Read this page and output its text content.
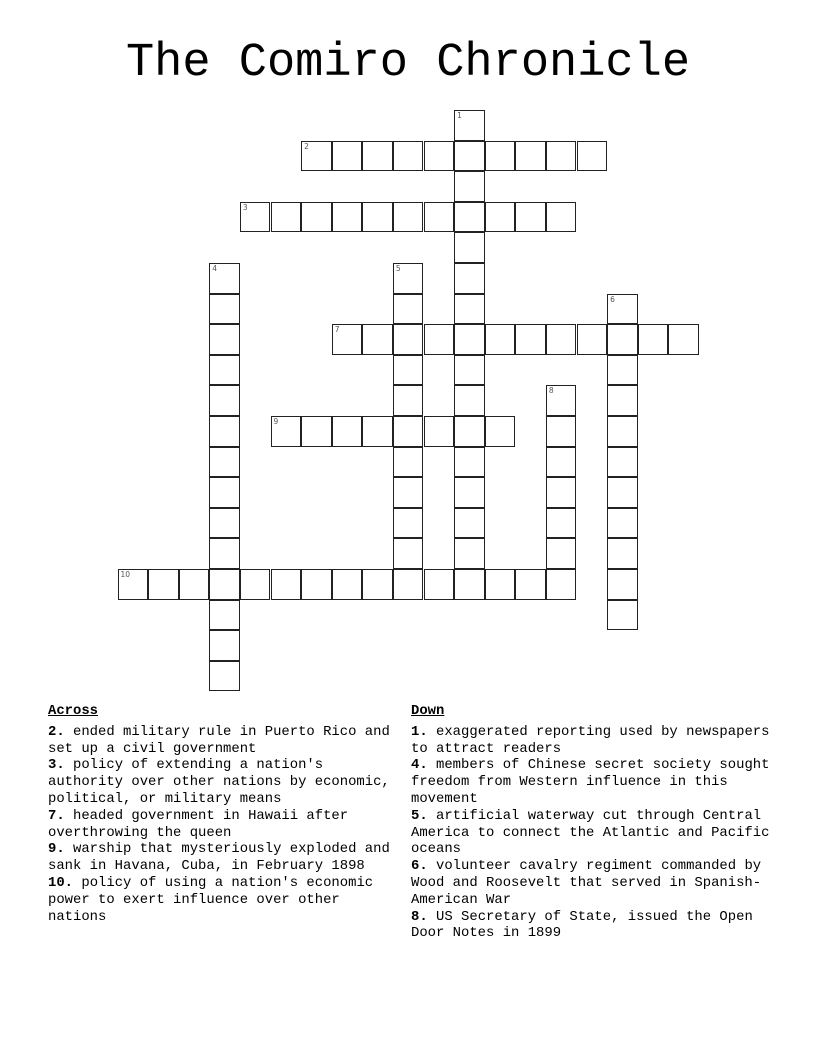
The Comiro Chronicle
1
2
3
4	5
6
7
8
9
10
Across
2. ended military rule in Puerto Rico and set up a civil government
3. policy of extending a nation's authority over other nations by economic, political, or military means
7. headed government in Hawaii after overthrowing the queen
9. warship that mysteriously exploded and sank in Havana, Cuba, in February 1898
10. policy of using a nation's economic power to exert influence over other nations
Down
1. exaggerated reporting used by newspapers to attract readers
4. members of Chinese secret society sought freedom from Western influence in this movement
5. artificial waterway cut through Central America to connect the Atlantic and Pacific oceans
6. volunteer cavalry regiment commanded by Wood and Roosevelt that served in Spanish-American War
8. US Secretary of State, issued the Open Door Notes in 1899
